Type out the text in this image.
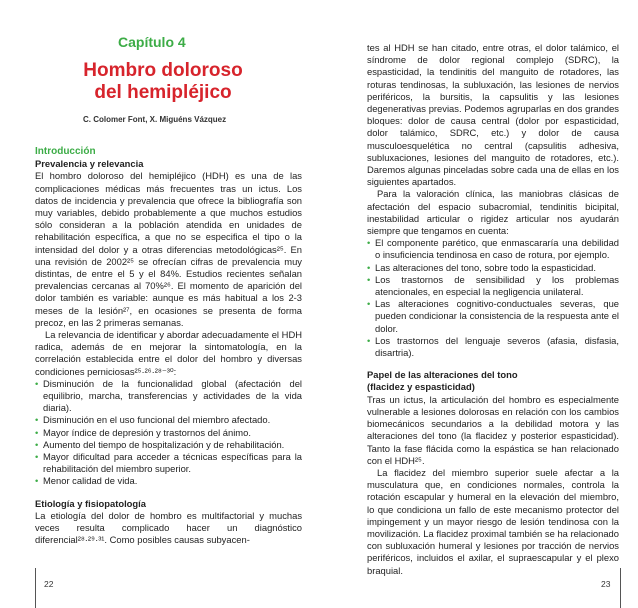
Capítulo 4
Hombro doloroso
del hemipléjico
C. Colomer Font, X. Miguéns Vázquez

Introducción

Prevalencia y relevancia

El hombro doloroso del hemipléjico (HDH) es una de las complicaciones médicas más frecuentes tras un ictus. Los datos de incidencia y prevalencia que ofrece la bibliografía son muy variables, debido probablemente a que muchos estudios sólo consideran a la población atendida en unidades de rehabilitación específica, a que no se especifica el tipo o la intensidad del dolor y a otras diferencias metodológicas²⁵. En una revisión de 2002²⁵ se ofrecían cifras de prevalencia muy distintas, de entre el 5 y el 84%. Estudios recientes señalan prevalencias cercanas al 70%²⁶. El momento de aparición del dolor también es variable: aunque es más habitual a los 2-3 meses de la lesión²⁷, en ocasiones se presenta de forma precoz, en las 2 primeras semanas.

La relevancia de identificar y abordar adecuadamente el HDH radica, además de en mejorar la sintomatología, en la correlación establecida entre el dolor del hombro y diversas condiciones perniciosas²⁵·²⁶·²⁸⁻³⁰:

• Disminución de la funcionalidad global (afectación del equilibrio, marcha, transferencias y actividades de la vida diaria).
• Disminución en el uso funcional del miembro afectado.
• Mayor índice de depresión y trastornos del ánimo.
• Aumento del tiempo de hospitalización y de rehabilitación.
• Mayor dificultad para acceder a técnicas específicas para la rehabilitación del miembro superior.
• Menor calidad de vida.

Etiología y fisiopatología

La etiología del dolor de hombro es multifactorial y muchas veces resulta complicado hacer un diagnóstico diferencial²⁸·²⁹·³¹. Como posibles causas subyacen-

tes al HDH se han citado, entre otras, el dolor talámico, el síndrome de dolor regional complejo (SDRC), la espasticidad, la tendinitis del manguito de rotadores, las roturas tendinosas, la subluxación, las lesiones de nervios periféricos, la bursitis, la capsulitis y las lesiones degenerativas previas. Podemos agruparlas en dos grandes bloques: dolor de causa central (dolor por espasticidad, dolor talámico, SDRC, etc.) y dolor de causa musculoesquelética no central (capsulitis adhesiva, subluxaciones, lesiones del manguito de rotadores, etc.). Daremos algunas pinceladas sobre cada una de ellas en los siguientes apartados.

Para la valoración clínica, las maniobras clásicas de afectación del espacio subacromial, tendinitis bicipital, inestabilidad articular o rigidez articular nos ayudarán siempre que tengamos en cuenta:

• El componente parético, que enmascararía una debilidad o insuficiencia tendinosa en caso de rotura, por ejemplo.
• Las alteraciones del tono, sobre todo la espasticidad.
• Los trastornos de sensibilidad y los problemas atencionales, en especial la negligencia unilateral.
• Las alteraciones cognitivo-conductuales severas, que pueden condicionar la consistencia de la respuesta ante el dolor.
• Los trastornos del lenguaje severos (afasia, disfasia, disartria).

Papel de las alteraciones del tono

(flacidez y espasticidad)

Tras un ictus, la articulación del hombro es especialmente vulnerable a lesiones dolorosas en relación con los cambios biomecánicos secundarios a la debilidad motora y las alteraciones del tono (la flacidez y posterior espasticidad). Tanto la fase flácida como la espástica se han relacionado con el HDH²⁵.

La flacidez del miembro superior suele afectar a la musculatura que, en condiciones normales, controla la rotación escapular y humeral en la elevación del miembro, lo que condiciona un fallo de este mecanismo protector del impingement y un mayor riesgo de lesión tendinosa con la movilización. La flacidez proximal también se ha relacionado con subluxación humeral y lesiones por tracción de nervios periféricos, incluidos el axilar, el supraescapular y el plexo braquial.

22	23
